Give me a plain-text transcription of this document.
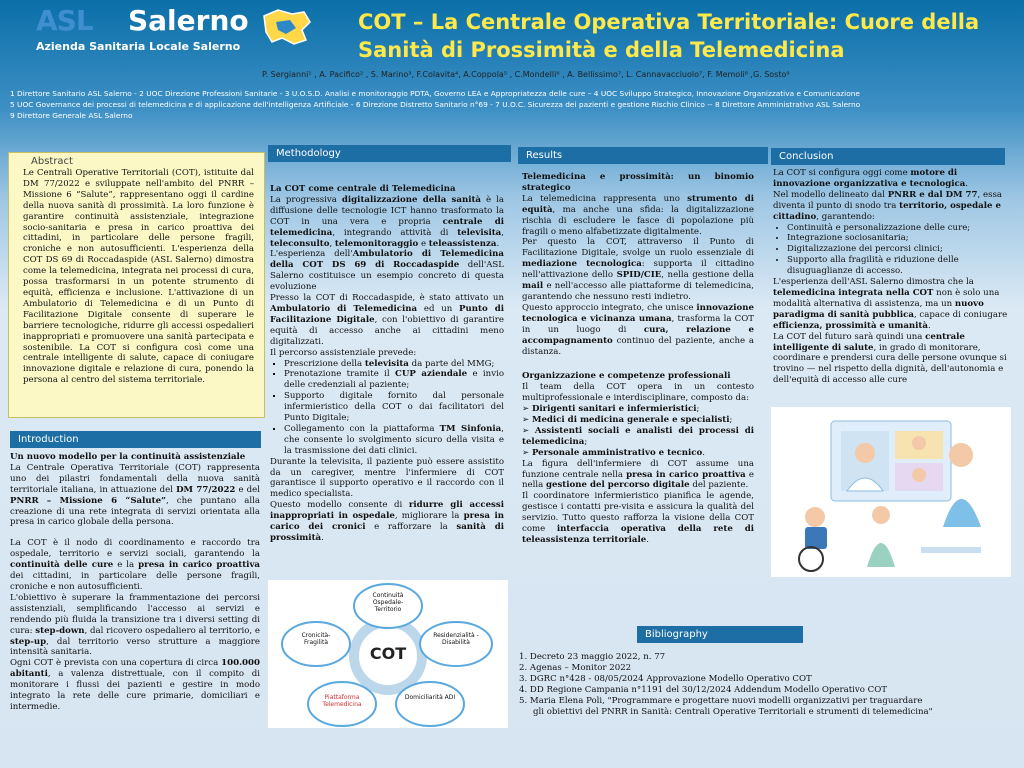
ASL Salerno
Azienda Sanitaria Locale Salerno
COT – La Centrale Operativa Territoriale: Cuore della Sanità di Prossimità e della Telemedicina
P. Sergianni¹ , A. Pacifico² , S. Marino³, F.Colavita⁴, A.Coppola⁵ , C.Mondelli⁶ , A. Bellissimo⁷, L. Cannavacciuolo⁷, F. Memoli⁸ ,G. Sosto⁹
1 Direttore Sanitario ASL Salerno - 2 UOC Direzione Professioni Sanitarie - 3 U.O.S.D. Analisi e monitoraggio PDTA, Governo LEA e Appropriatezza delle cure – 4 UOC Sviluppo Strategico, Innovazione Organizzativa e Comunicazione
5 UOC Governance dei processi di telemedicina e di applicazione dell'intelligenza Artificiale - 6 Direzione Distretto Sanitario n°69 - 7 U.O.C. Sicurezza dei pazienti e gestione Rischio Clinico -- 8 Direttore Amministrativo ASL Salerno
9 Direttore Generale ASL Salerno
Abstract
Le Centrali Operative Territoriali (COT), istituite dal DM 77/2022 e sviluppate nell'ambito del PNRR – Missione 6 “Salute”, rappresentano oggi il cardine della nuova sanità di prossimità. La loro funzione è garantire continuità assistenziale, integrazione socio-sanitaria e presa in carico proattiva dei cittadini, in particolare delle persone fragili, croniche e non autosufficienti. L'esperienza della COT DS 69 di Roccadaspide (ASL Salerno) dimostra come la telemedicina, integrata nei processi di cura, possa trasformarsi in un potente strumento di equità, efficienza e inclusione. L'attivazione di un Ambulatorio di Telemedicina e di un Punto di Facilitazione Digitale consente di superare le barriere tecnologiche, ridurre gli accessi ospedalieri inappropriati e promuovere una sanità partecipata e sostenibile. La COT si configura così come una centrale intelligente di salute, capace di coniugare innovazione digitale e relazione di cura, ponendo la persona al centro del sistema territoriale.
Introduction

Un nuovo modello per la continuità assistenziale

La Centrale Operativa Territoriale (COT) rappresenta uno dei pilastri fondamentali della nuova sanità territoriale italiana, in attuazione del DM 77/2022 e del PNRR – Missione 6 “Salute”, che puntano alla creazione di una rete integrata di servizi orientata alla presa in carico globale della persona.

La COT è il nodo di coordinamento e raccordo tra ospedale, territorio e servizi sociali, garantendo la continuità delle cure e la presa in carico proattiva dei cittadini, in particolare delle persone fragili, croniche e non autosufficienti.

L'obiettivo è superare la frammentazione dei percorsi assistenziali, semplificando l'accesso ai servizi e rendendo più fluida la transizione tra i diversi setting di cura: step-down, dal ricovero ospedaliero al territorio, e step-up, dal territorio verso strutture a maggiore intensità sanitaria.

Ogni COT è prevista con una copertura di circa 100.000 abitanti, a valenza distrettuale, con il compito di monitorare i flussi dei pazienti e gestire in modo integrato la rete delle cure primarie, domiciliari e intermedie.

Methodology

La COT come centrale di Telemedicina

La progressiva digitalizzazione della sanità è la diffusione delle tecnologie ICT hanno trasformato la COT in una vera e propria centrale di telemedicina, integrando attività di televisita, teleconsulto, telemonitoraggio e teleassistenza.

L'esperienza dell'Ambulatorio di Telemedicina della COT DS 69 di Roccadaspide dell'ASL Salerno costituisce un esempio concreto di questa evoluzione

Presso la COT di Roccadaspide, è stato attivato un Ambulatorio di Telemedicina ed un Punto di Facilitazione Digitale, con l'obiettivo di garantire equità di accesso anche ai cittadini meno digitalizzati.

Il percorso assistenziale prevede:

▪ Prescrizione della televisita da parte del MMG;
▪ Prenotazione tramite il CUP aziendale e invio delle credenziali al paziente;
▪ Supporto digitale fornito dal personale infermieristico della COT o dai facilitatori del Punto Digitale;
▪ Collegamento con la piattaforma TM Sinfonia, che consente lo svolgimento sicuro della visita e la trasmissione dei dati clinici.

Durante la televisita, il paziente può essere assistito da un caregiver, mentre l'infermiere di COT garantisce il supporto operativo e il raccordo con il medico specialista.

Questo modello consente di ridurre gli accessi inappropriati in ospedale, migliorare la presa in carico dei cronici e rafforzare la sanità di prossimità.

COT
Continuità Ospedale-Territorio
Residenzialità -Disabilità
Domiciliarità ADI
Piattaforma Telemedicina
Cronicità-Fragilità
Results

Telemedicina e prossimità: un binomio strategico

La telemedicina rappresenta uno strumento di equità, ma anche una sfida: la digitalizzazione rischia di escludere le fasce di popolazione più fragili o meno alfabetizzate digitalmente.

Per questo la COT, attraverso il Punto di Facilitazione Digitale, svolge un ruolo essenziale di mediazione tecnologica: supporta il cittadino nell'attivazione dello SPID/CIE, nella gestione della mail e nell'accesso alle piattaforme di telemedicina, garantendo che nessuno resti indietro.

Questo approccio integrato, che unisce innovazione tecnologica e vicinanza umana, trasforma la COT in un luogo di cura, relazione e accompagnamento continuo del paziente, anche a distanza.

Organizzazione e competenze professionali

Il team della COT opera in un contesto multiprofessionale e interdisciplinare, composto da:

➢ Dirigenti sanitari e infermieristici;
➢ Medici di medicina generale e specialisti;
➢ Assistenti sociali e analisti dei processi di telemedicina;
➢ Personale amministrativo e tecnico.

La figura dell'infermiere di COT assume una funzione centrale nella presa in carico proattiva e nella gestione del percorso digitale del paziente.

Il coordinatore infermieristico pianifica le agende, gestisce i contatti pre-visita e assicura la qualità del servizio. Tutto questo rafforza la visione della COT come interfaccia operativa della rete di teleassistenza territoriale.

Conclusion

La COT si configura oggi come motore di innovazione organizzativa e tecnologica.

Nel modello delineato dal PNRR e dal DM 77, essa diventa il punto di snodo tra territorio, ospedale e cittadino, garantendo:

• Continuità e personalizzazione delle cure;
• Integrazione sociosanitaria;
• Digitalizzazione dei percorsi clinici;
• Supporto alla fragilità e riduzione delle disuguaglianze di accesso.

L'esperienza dell'ASL Salerno dimostra che la telemedicina integrata nella COT non è solo una modalità alternativa di assistenza, ma un nuovo paradigma di sanità pubblica, capace di coniugare efficienza, prossimità e umanità.

La COT del futuro sarà quindi una centrale intelligente di salute, in grado di monitorare, coordinare e prendersi cura delle persone ovunque si trovino — nel rispetto della dignità, dell'autonomia e dell'equità di accesso alle cure

Bibliography
1. Decreto 23 maggio 2022, n. 77
2. Agenas – Monitor 2022
3. DGRC n°428 - 08/05/2024 Approvazione Modello Operativo COT
4. DD Regione Campania n°1191 del 30/12/2024 Addendum Modello Operativo COT
5. Maria Elena Poli, "Programmare e progettare nuovi modelli organizzativi per traguardare
gli obiettivi del PNRR in Sanità: Centrali Operative Territoriali e strumenti di telemedicina"
